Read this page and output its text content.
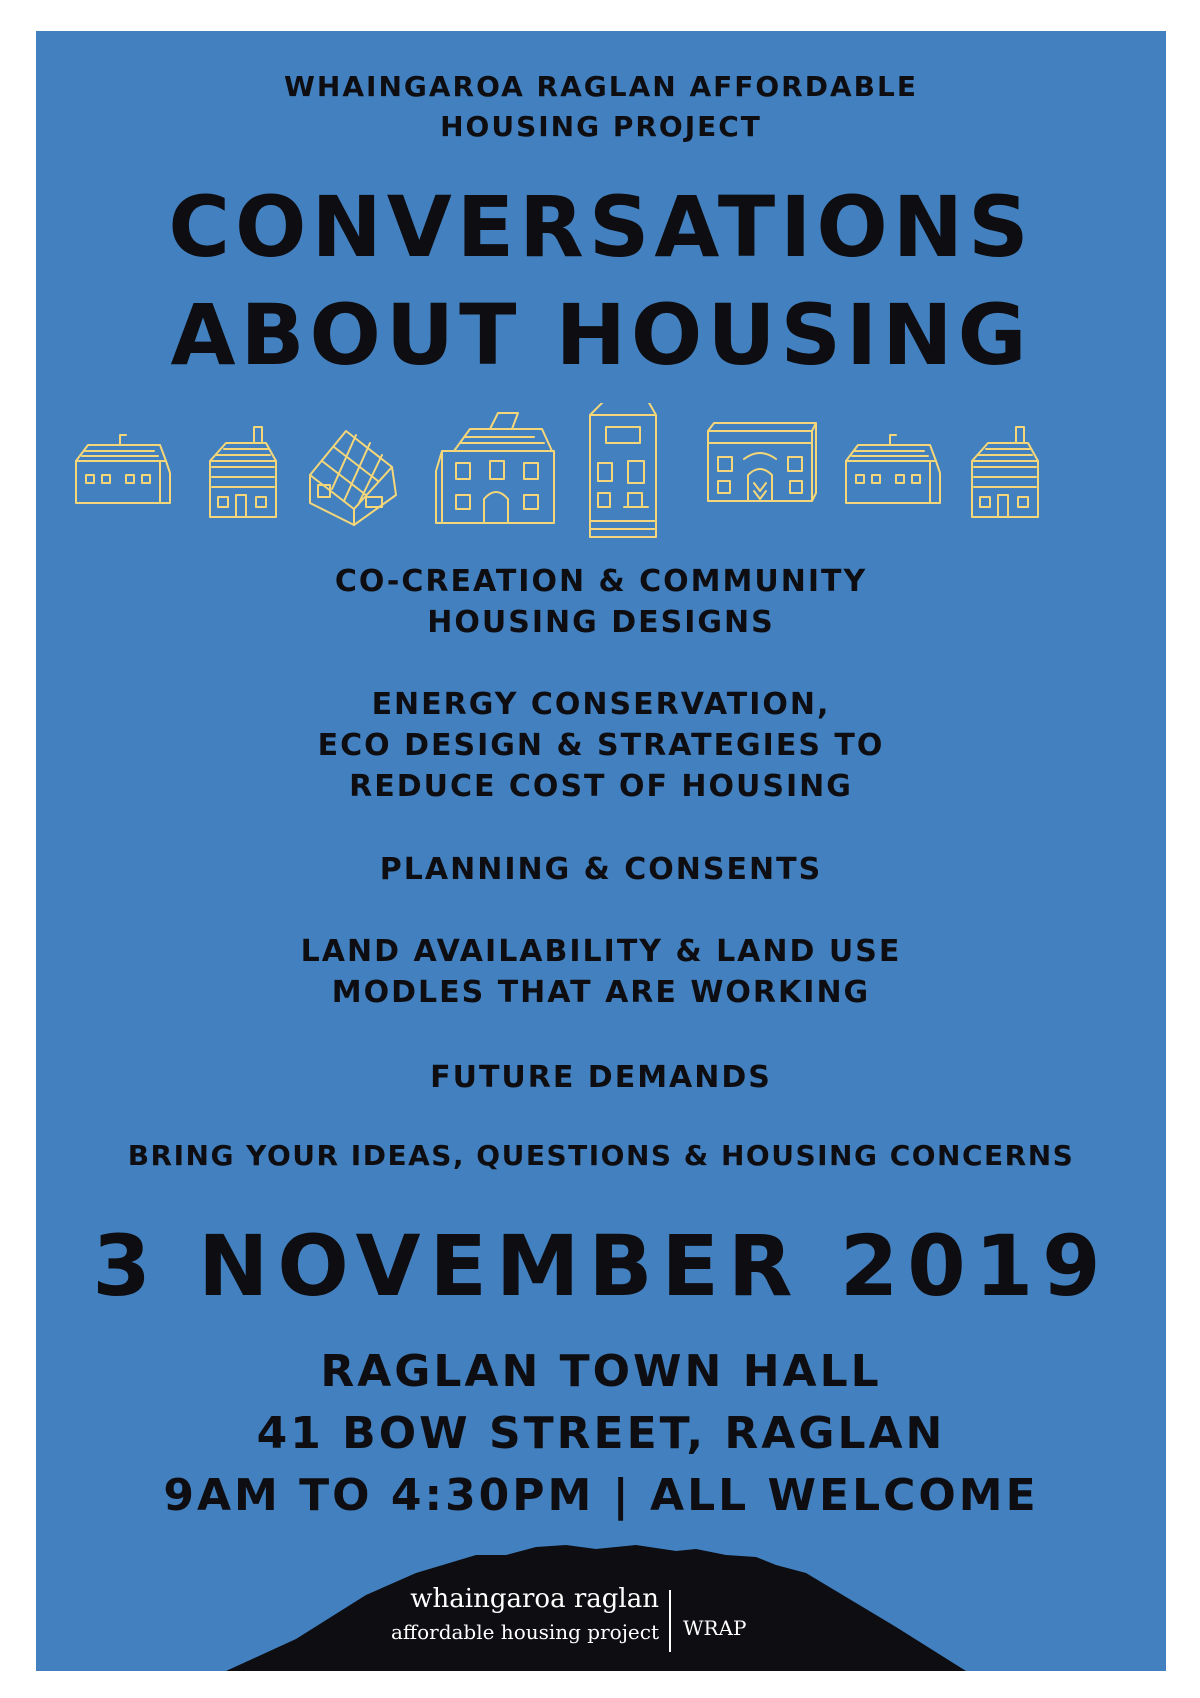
WHAINGAROA RAGLAN AFFORDABLE
HOUSING PROJECT
CONVERSATIONS
ABOUT HOUSING
CO-CREATION & COMMUNITY
HOUSING DESIGNS
ENERGY CONSERVATION,
ECO DESIGN & STRATEGIES TO
REDUCE COST OF HOUSING
PLANNING & CONSENTS
LAND AVAILABILITY & LAND USE
MODLES THAT ARE WORKING
FUTURE DEMANDS
BRING YOUR IDEAS, QUESTIONS & HOUSING CONCERNS
3 NOVEMBER 2019
RAGLAN TOWN HALL
41 BOW STREET, RAGLAN
9AM TO 4:30PM | ALL WELCOME
whaingaroa raglan
affordable housing project WRAP
